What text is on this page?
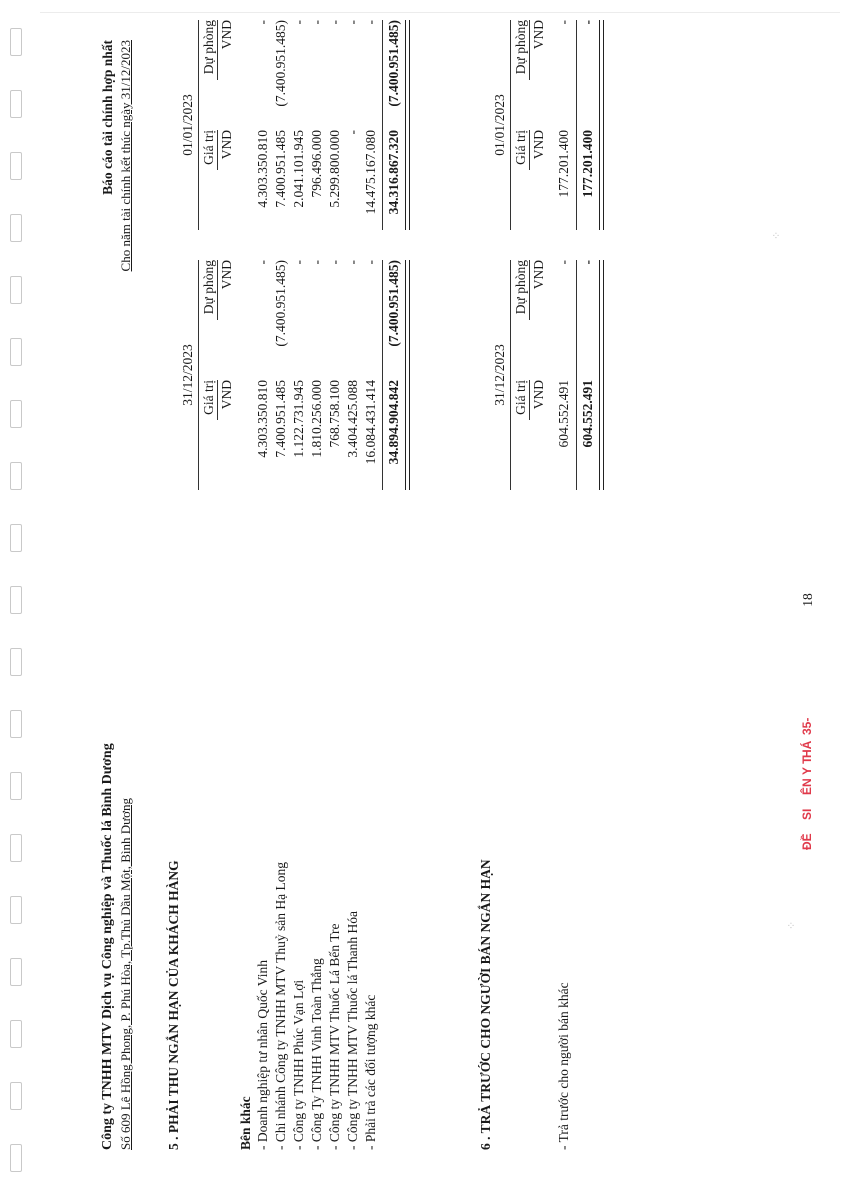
Công ty TNHH MTV Dịch vụ Công nghiệp và Thuốc lá Bình Dương Số 609 Lê Hồng Phong, P. Phú Hòa, Tp.Thủ Dầu Một, Bình Dương
Báo cáo tài chính hợp nhất Cho năm tài chính kết thúc ngày 31/12/2023
5 . PHẢI THU NGẮN HẠN CỦA KHÁCH HÀNG
31/12/2023
01/01/2023
Giá trị
Dự phòng
Giá trị
Dự phòng
VND
VND
VND
VND
Bên khác - Doanh nghiệp tư nhân Quốc Vinh
4.303.350.810
-
4.303.350.810
-
- Chi nhánh Công ty TNHH MTV Thuỷ sản Hạ Long
7.400.951.485
(7.400.951.485)
7.400.951.485
(7.400.951.485)
- Công ty TNHH Phúc Vạn Lợi
1.122.731.945
-
2.041.101.945
-
- Công Ty TNHH Vinh Toàn Thắng
1.810.256.000
-
796.496.000
-
- Công ty TNHH MTV Thuốc Lá Bến Tre
768.758.100
-
5.299.800.000
-
- Công ty TNHH MTV Thuốc lá Thanh Hóa
3.404.425.088
-
-
-
- Phải trả các đối tượng khác
16.084.431.414
-
14.475.167.080
-
34.894.904.842
(7.400.951.485)
34.316.867.320
(7.400.951.485)
6 . TRẢ TRƯỚC CHO NGƯỜI BÁN NGẮN HẠN
31/12/2023
01/01/2023
Giá trị
Dự phòng
Giá trị
Dự phòng
VND
VND
VND
VND
- Trả trước cho người bán khác
604.552.491
-
177.201.400
-
604.552.491
-
177.201.400
-
18
⁘
⁘
ĐỀ
SI
ÊN
Y T
HÁ
35-
